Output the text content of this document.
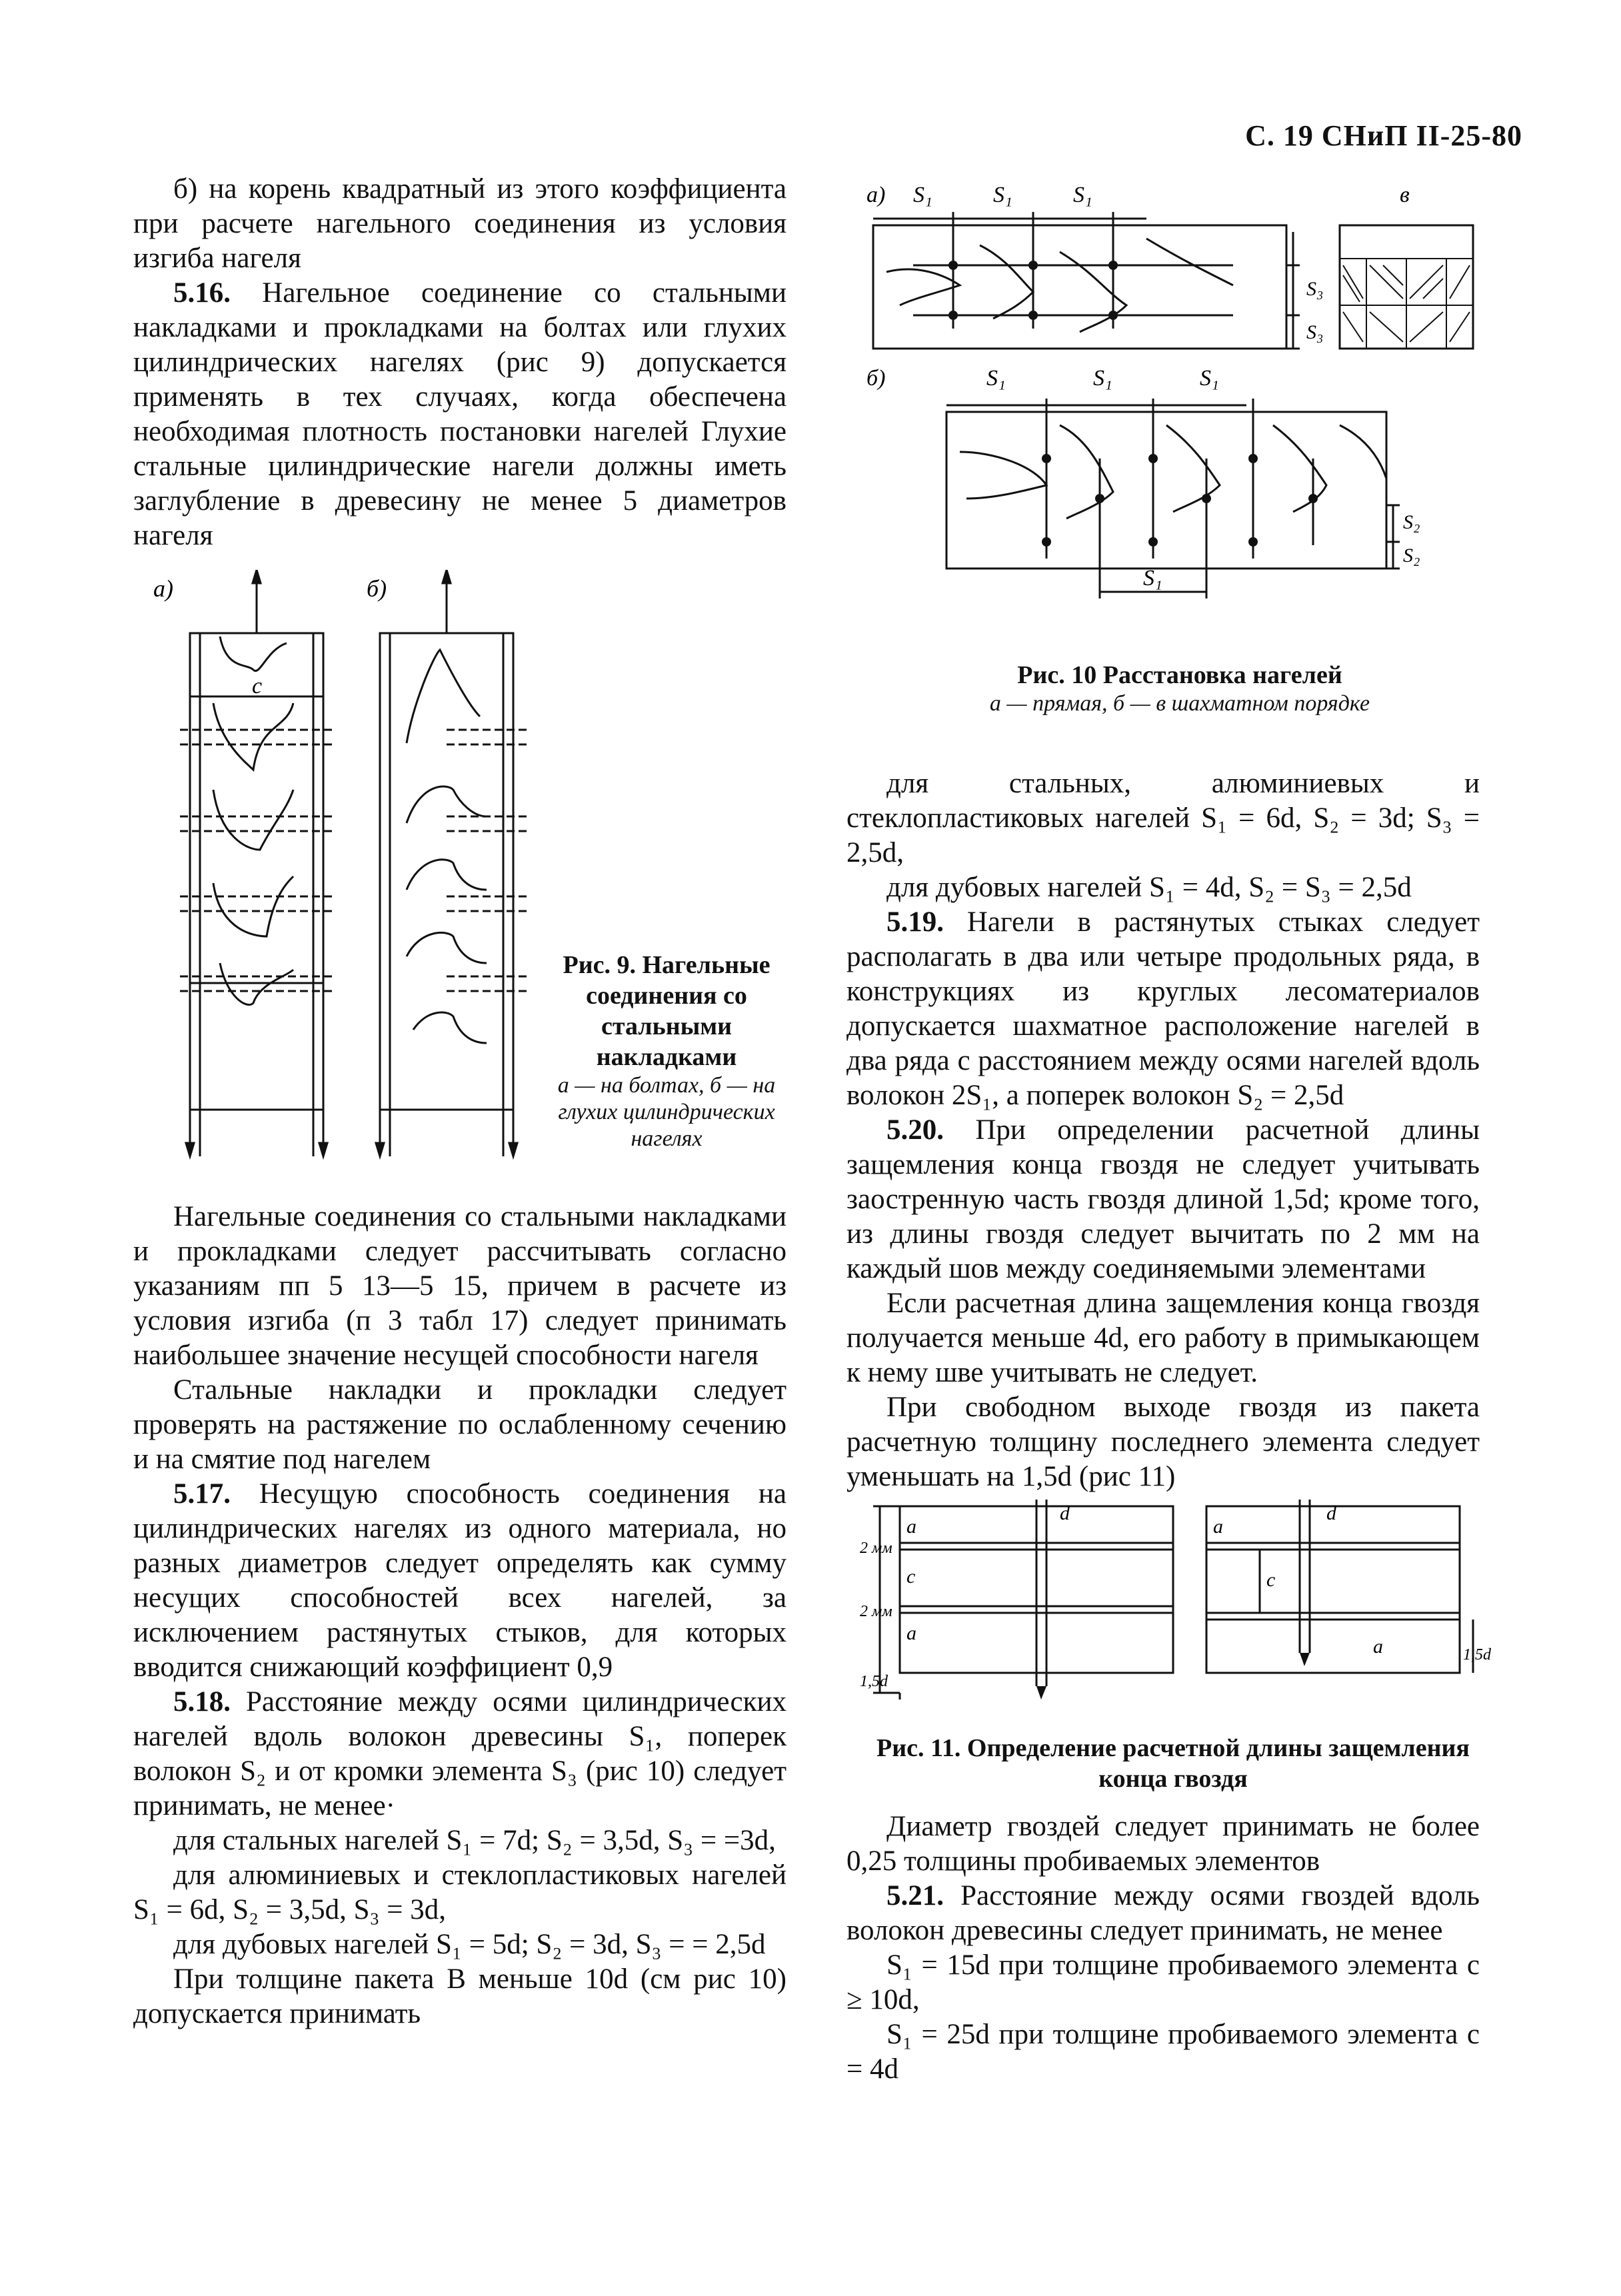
С. 19 СНиП II-25-80

б) на корень квадратный из этого коэффициента при расчете нагельного соединения из условия изгиба нагеля

5.16. Нагельное соединение со стальными накладками и прокладками на болтах или глухих цилиндрических нагелях (рис 9) допускается применять в тех случаях, когда обеспечена необходимая плотность постановки нагелей Глухие стальные цилиндрические нагели должны иметь заглубление в древесину не менее 5 диаметров нагеля

а)	б)
c
Рис. 9. Нагельные соединения со стальными накладками
а — на болтах, б — на глухих цилиндрических нагелях

Нагельные соединения со стальными накладками и прокладками следует рассчитывать согласно указаниям пп 5 13—5 15, причем в расчете из условия изгиба (п 3 табл 17) следует принимать наибольшее значение несущей способности нагеля

Стальные накладки и прокладки следует проверять на растяжение по ослабленному сечению и на смятие под нагелем

5.17. Несущую способность соединения на цилиндрических нагелях из одного материала, но разных диаметров следует определять как сумму несущих способностей всех нагелей, за исключением растянутых стыков, для которых вводится снижающий коэффициент 0,9

5.18. Расстояние между осями цилиндрических нагелей вдоль волокон древесины S₁, поперек волокон S₂ и от кромки элемента S₃ (рис 10) следует принимать, не менее·

для стальных нагелей S₁ = 7d; S₂ = 3,5d, S₃ = =3d,

для алюминиевых и стеклопластиковых нагелей S₁ = 6d, S₂ = 3,5d, S₃ = 3d,

для дубовых нагелей S₁ = 5d; S₂ = 3d, S₃ = = 2,5d

При толщине пакета B меньше 10d (см рис 10) допускается принимать

а) S₁	S₁	S₁	в
S₃
S₃
б)	S₁	S₁	S₁
S₂
S₂
S₁
Рис. 10 Расстановка нагелей
а — прямая, б — в шахматном порядке

для стальных, алюминиевых и стеклопластиковых нагелей S₁ = 6d, S₂ = 3d; S₃ = 2,5d,

для дубовых нагелей S₁ = 4d, S₂ = S₃ = 2,5d

5.19. Нагели в растянутых стыках следует располагать в два или четыре продольных ряда, в конструкциях из круглых лесоматериалов допускается шахматное расположение нагелей в два ряда с расстоянием между осями нагелей вдоль волокон 2S₁, а поперек волокон S₂ = 2,5d

5.20. При определении расчетной длины защемления конца гвоздя не следует учитывать заостренную часть гвоздя длиной 1,5d; кроме того, из длины гвоздя следует вычитать по 2 мм на каждый шов между соединяемыми элементами

Если расчетная длина защемления конца гвоздя получается меньше 4d, его работу в примыкающем к нему шве учитывать не следует.

При свободном выходе гвоздя из пакета расчетную толщину последнего элемента следует уменьшать на 1,5d (рис 11)

a
c
a
d
2 мм
2 мм
1,5d
a
c
d
a	1,5d
Рис. 11. Определение расчетной длины защемления конца гвоздя

Диаметр гвоздей следует принимать не более 0,25 толщины пробиваемых элементов

5.21. Расстояние между осями гвоздей вдоль волокон древесины следует принимать, не менее

S₁ = 15d при толщине пробиваемого элемента c ≥ 10d,

S₁ = 25d при толщине пробиваемого элемента c = 4d
